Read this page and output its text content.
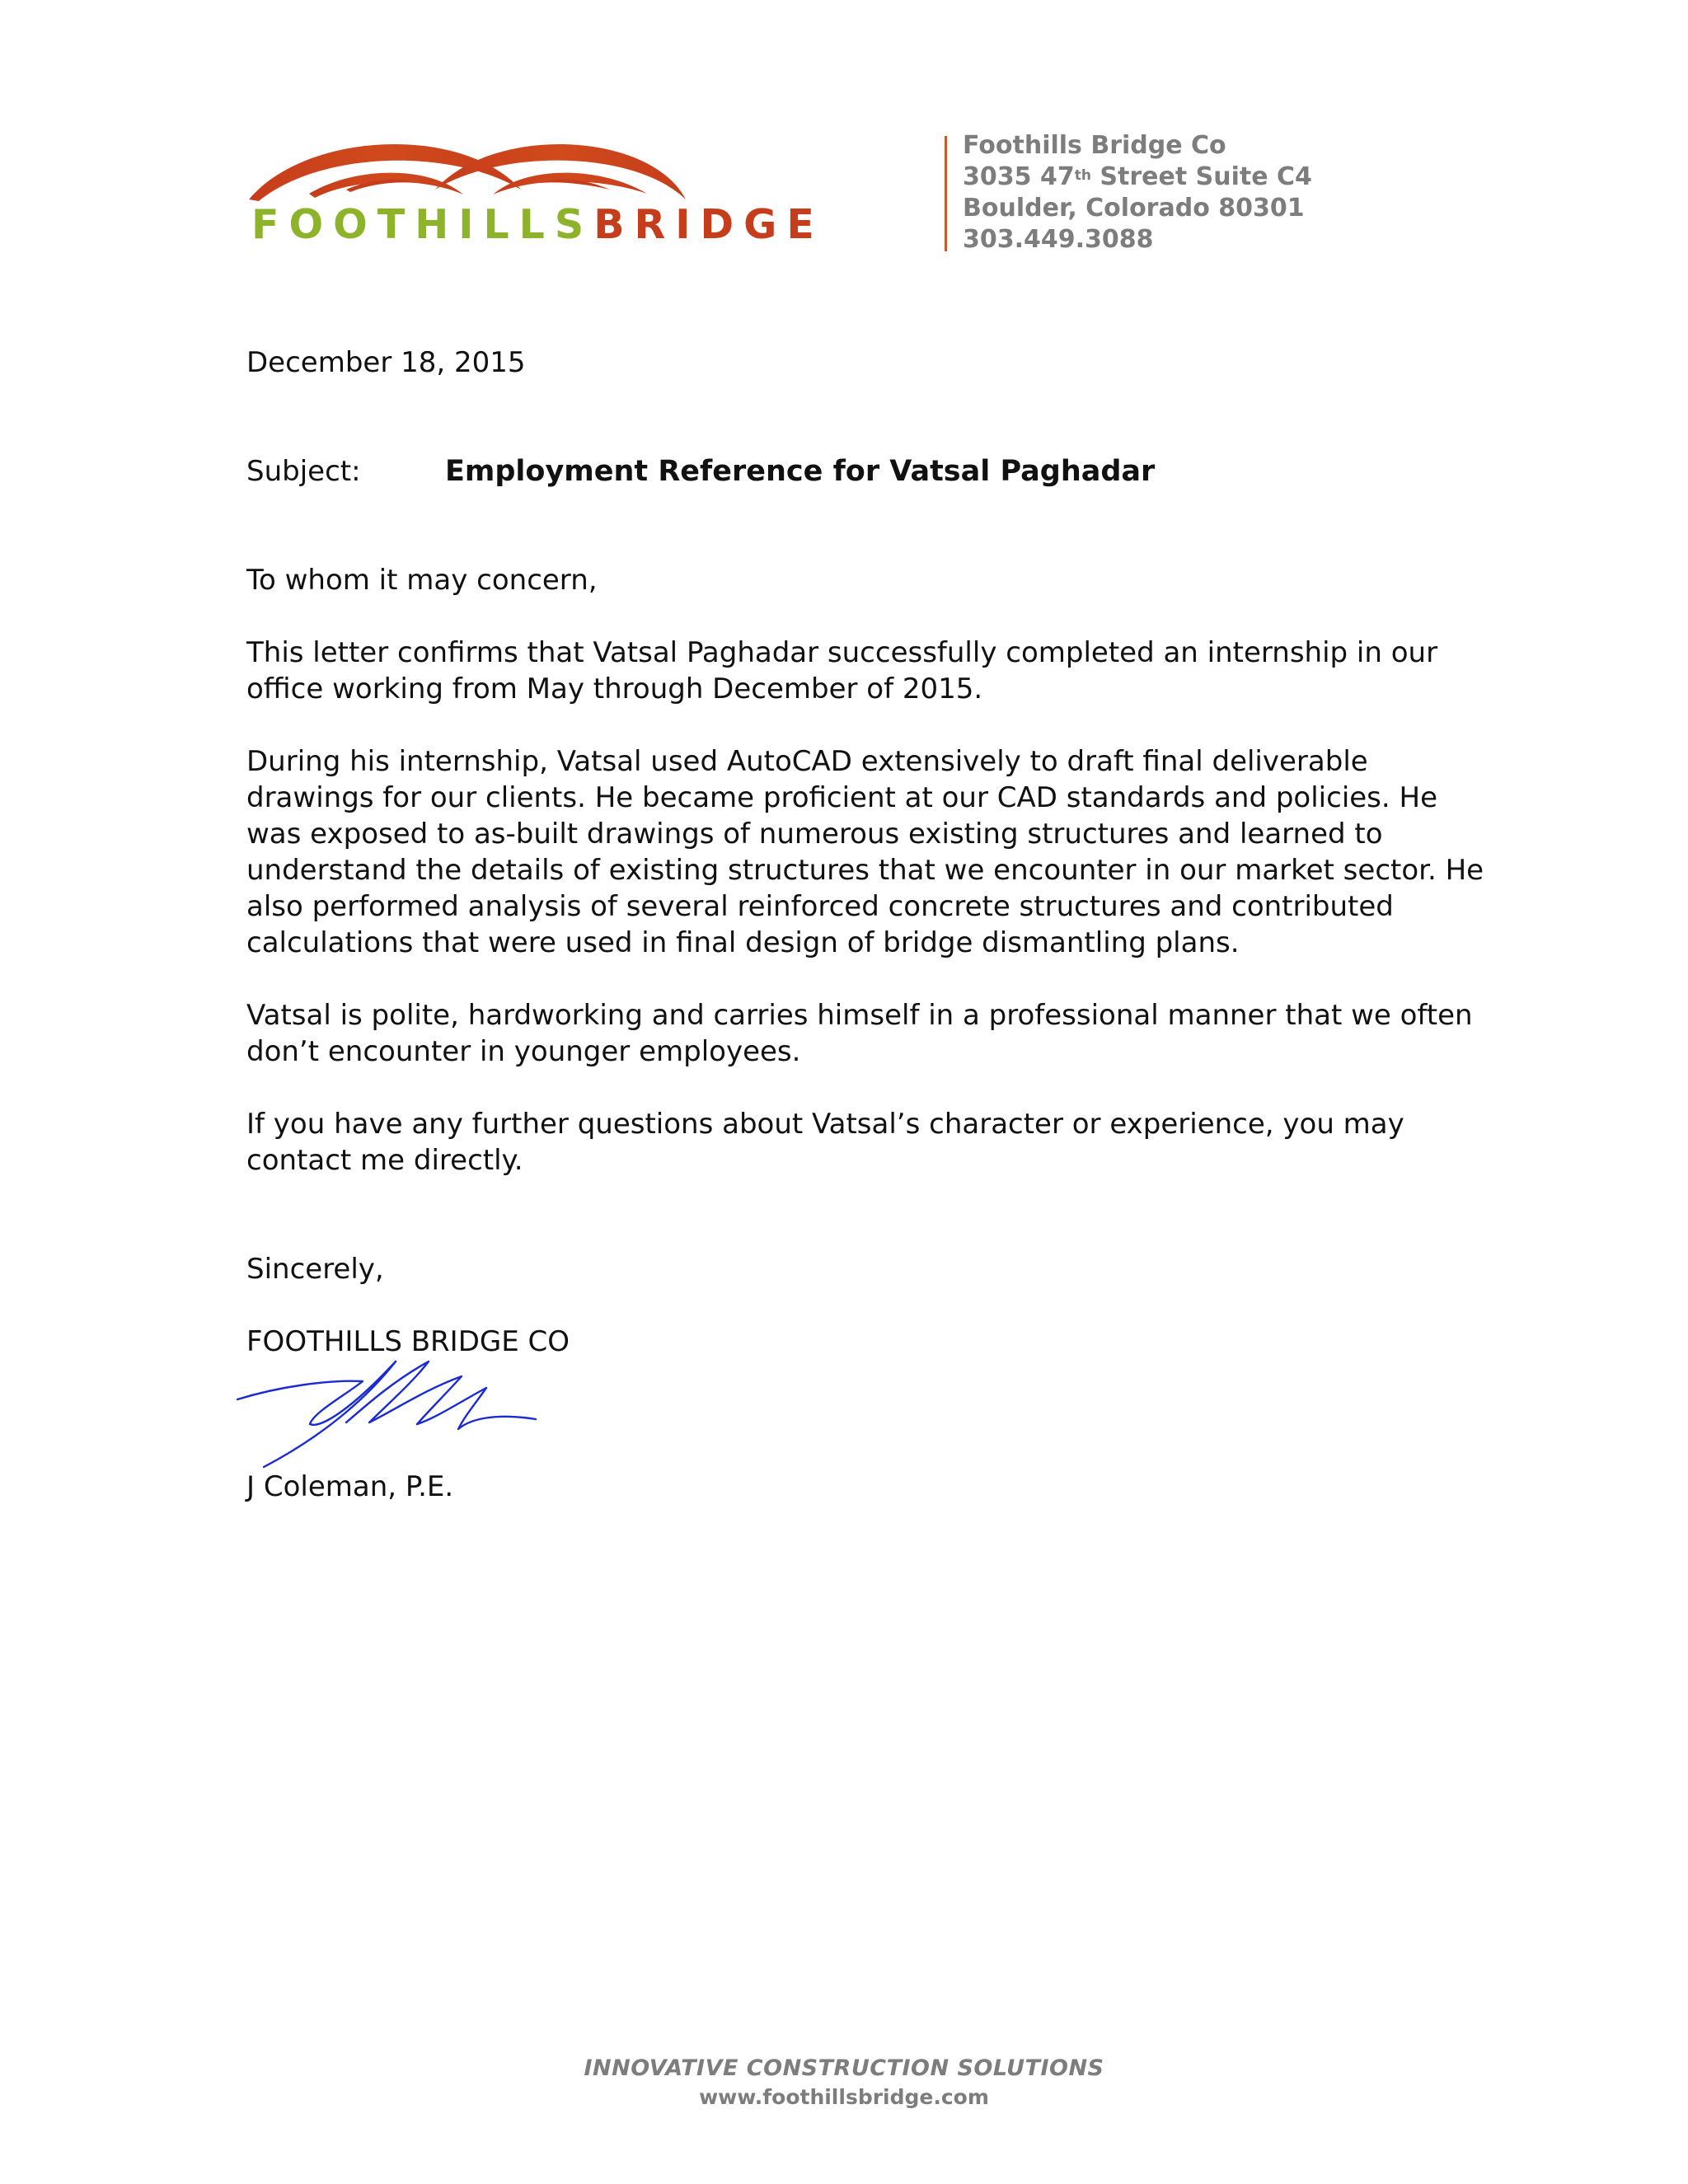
FOOTHILLSBRIDGE
Foothills Bridge Co
3035 47th Street Suite C4
Boulder, Colorado 80301
303.449.3088
December 18, 2015
Subject:	Employment Reference for Vatsal Paghadar
To whom it may concern,
This letter confirms that Vatsal Paghadar successfully completed an internship in our
office working from May through December of 2015.
During his internship, Vatsal used AutoCAD extensively to draft final deliverable
drawings for our clients. He became proficient at our CAD standards and policies. He
was exposed to as-built drawings of numerous existing structures and learned to
understand the details of existing structures that we encounter in our market sector. He
also performed analysis of several reinforced concrete structures and contributed
calculations that were used in final design of bridge dismantling plans.
Vatsal is polite, hardworking and carries himself in a professional manner that we often
don’t encounter in younger employees.
If you have any further questions about Vatsal’s character or experience, you may
contact me directly.
Sincerely,
FOOTHILLS BRIDGE CO
J Coleman, P.E.
INNOVATIVE CONSTRUCTION SOLUTIONS
www.foothillsbridge.com
